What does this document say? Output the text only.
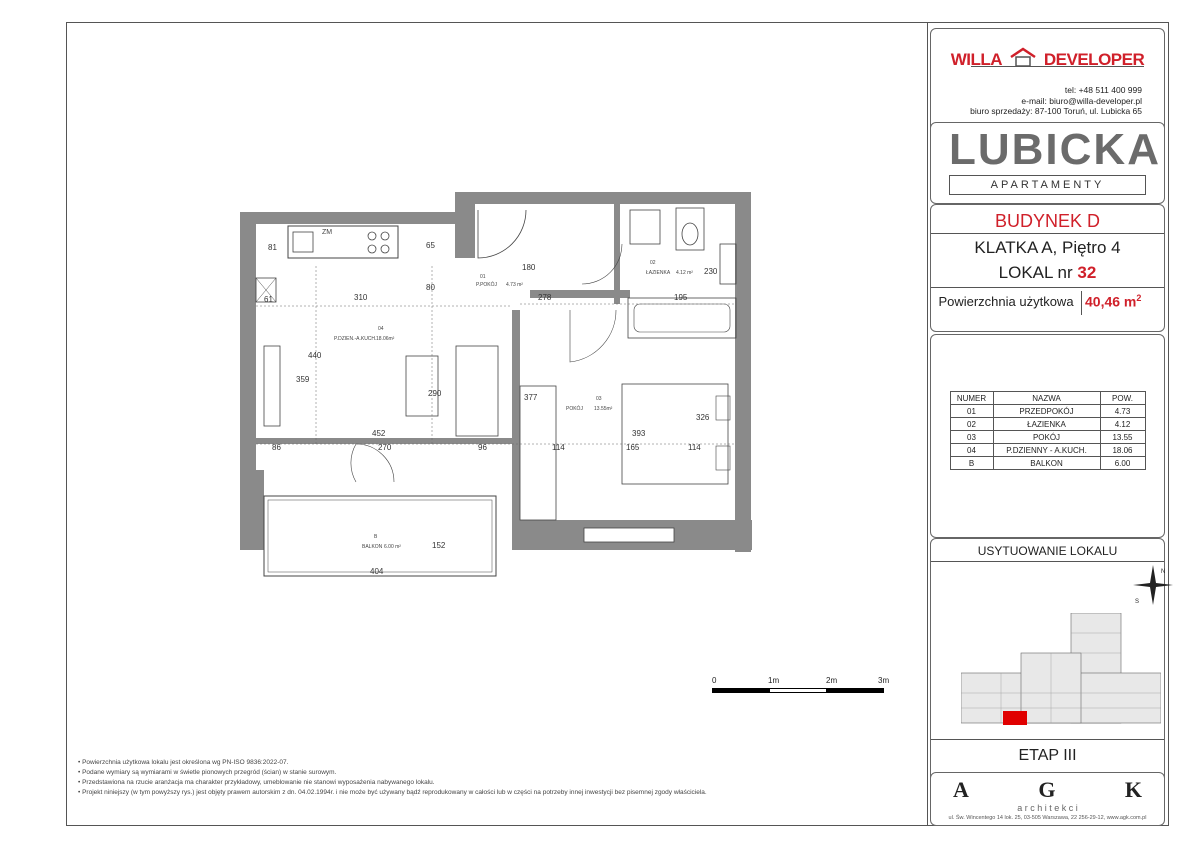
ZM
65
80
81
61	310
180
278	195
230
440
359
290	377
326
452	393
86	270	96	114	165	114
152
404
01
P.POKÓJ 4.73 m²
02
ŁAZIENKA 4.12 m²
03
POKÓJ 13.55m²
04
P.DZIEN.-A.KUCH. 18.06m²
B
BALKON 6.00 m²
0	1m	2m	3m
• Powierzchnia użytkowa lokalu jest określona wg PN-ISO 9836:2022-07.
• Podane wymiary są wymiarami w świetle pionowych przegród (ścian) w stanie surowym.
• Przedstawiona na rzucie aranżacja ma charakter przykładowy, umeblowanie nie stanowi wyposażenia nabywanego lokalu.
• Projekt niniejszy (w tym powyższy rys.) jest objęty prawem autorskim z dn. 04.02.1994r. i nie może być używany bądź reprodukowany w całości lub w części na potrzeby innej inwestycji bez pisemnej zgody właściciela.
WILLA DEVELOPER
tel: +48 511 400 999
e-mail: biuro@willa-developer.pl
biuro sprzedaży: 87-100 Toruń, ul. Lubicka 65
LUBICKA
APARTAMENTY
BUDYNEK D
KLATKA A, Piętro 4
LOKAL nr 32
Powierzchnia użytkowa 40,46 $m^2$
NUMER	NAZWA	POW.
01	PRZEDPOKÓJ	4.73
02	ŁAZIENKA	4.12
03	POKÓJ	13.55
04	P.DZIENNY - A.KUCH.	18.06
B	BALKON	6.00
USYTUOWANIE LOKALU
N
S
ETAP III
A	G	K
a r c h i t e k c i
ul. Św. Wincentego 14 lok. 25, 03-505 Warszawa, 22 256-29-12, www.agk.com.pl
